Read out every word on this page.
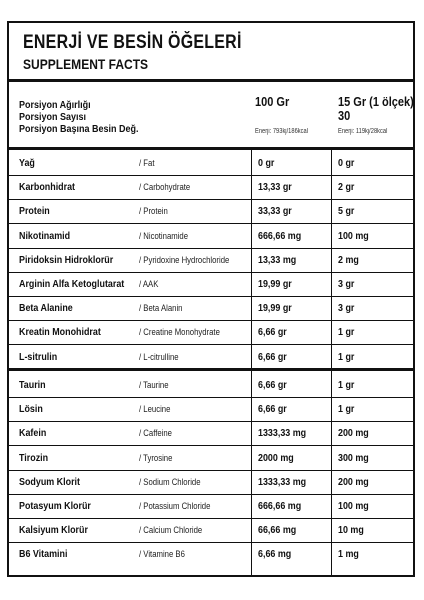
ENERJİ VE BESİN ÖĞELERİ
SUPPLEMENT FACTS
Porsiyon Ağırlığı
Porsiyon Sayısı
Porsiyon Başına Besin Değ.
100 Gr	15 Gr (1 ölçek)
30
Enerji: 793kj/186kcal	Enerji: 119kj/28kcal
Yağ	/ Fat	0 gr	0 gr
Karbonhidrat	/ Carbohydrate	13,33 gr	2 gr
Protein	/ Protein	33,33 gr	5 gr
Nikotinamid	/ Nicotinamide	666,66 mg	100 mg
Piridoksin Hidroklorür	/ Pyridoxine Hydrochloride	13,33 mg	2 mg
Arginin Alfa Ketoglutarat / AAK	19,99 gr	3 gr
Beta Alanine	/ Beta Alanin	19,99 gr	3 gr
Kreatin Monohidrat	/ Creatine Monohydrate	6,66 gr	1 gr
L-sitrulin	/ L-citrulline	6,66 gr	1 gr
Taurin	/ Taurine	6,66 gr	1 gr
Lösin	/ Leucine	6,66 gr	1 gr
Kafein	/ Caffeine	1333,33 mg	200 mg
Tirozin	/ Tyrosine	2000 mg	300 mg
Sodyum Klorit	/ Sodium Chloride	1333,33 mg	200 mg
Potasyum Klorür	/ Potassium Chloride	666,66 mg	100 mg
Kalsiyum Klorür	/ Calcium Chloride	66,66 mg	10 mg
B6 Vitamini	/ Vitamine B6	6,66 mg	1 mg
